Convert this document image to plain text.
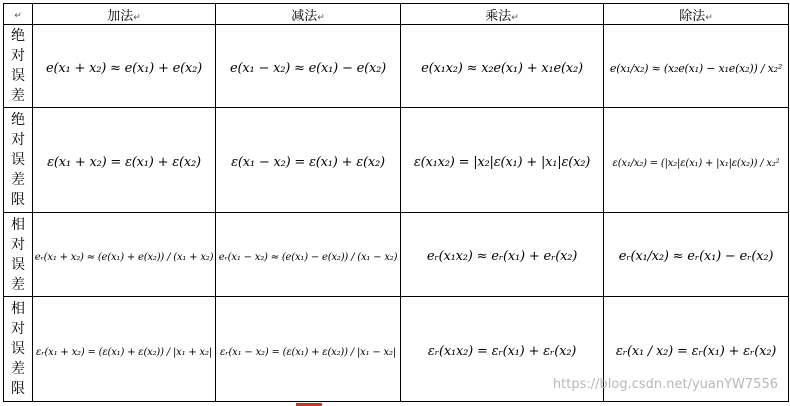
↵	加法↵	减法↵	乘法↵	除法↵

绝对误差	e(x₁ + x₂) ≈ e(x₁) + e(x₂)	e(x₁ − x₂) ≈ e(x₁) − e(x₂)	e(x₁x₂) ≈ x₂e(x₁) + x₁e(x₂)	e(x₁/x₂) ≈ (x₂e(x₁) − x₁e(x₂)) / x₂²

绝对误差限	ε(x₁ + x₂) = ε(x₁) + ε(x₂)	ε(x₁ − x₂) = ε(x₁) + ε(x₂)	ε(x₁x₂) = |x₂|ε(x₁) + |x₁|ε(x₂)	ε(x₁/x₂) = (|x₂|ε(x₁) + |x₁|ε(x₂)) / x₂²

相对误差	eᵣ(x₁ + x₂) ≈ (e(x₁) + e(x₂)) / (x₁ + x₂)	eᵣ(x₁ − x₂) ≈ (e(x₁) − e(x₂)) / (x₁ − x₂)	eᵣ(x₁x₂) ≈ eᵣ(x₁) + eᵣ(x₂)	eᵣ(x₁/x₂) ≈ eᵣ(x₁) − eᵣ(x₂)

相对误差限	εᵣ(x₁ + x₂) = (ε(x₁) + ε(x₂)) / |x₁ + x₂|	εᵣ(x₁ − x₂) = (ε(x₁) + ε(x₂)) / |x₁ − x₂|	εᵣ(x₁x₂) = εᵣ(x₁) + εᵣ(x₂)	εᵣ(x₁ / x₂) = εᵣ(x₁) + εᵣ(x₂)
https://blog.csdn.net/yuanYW7556
